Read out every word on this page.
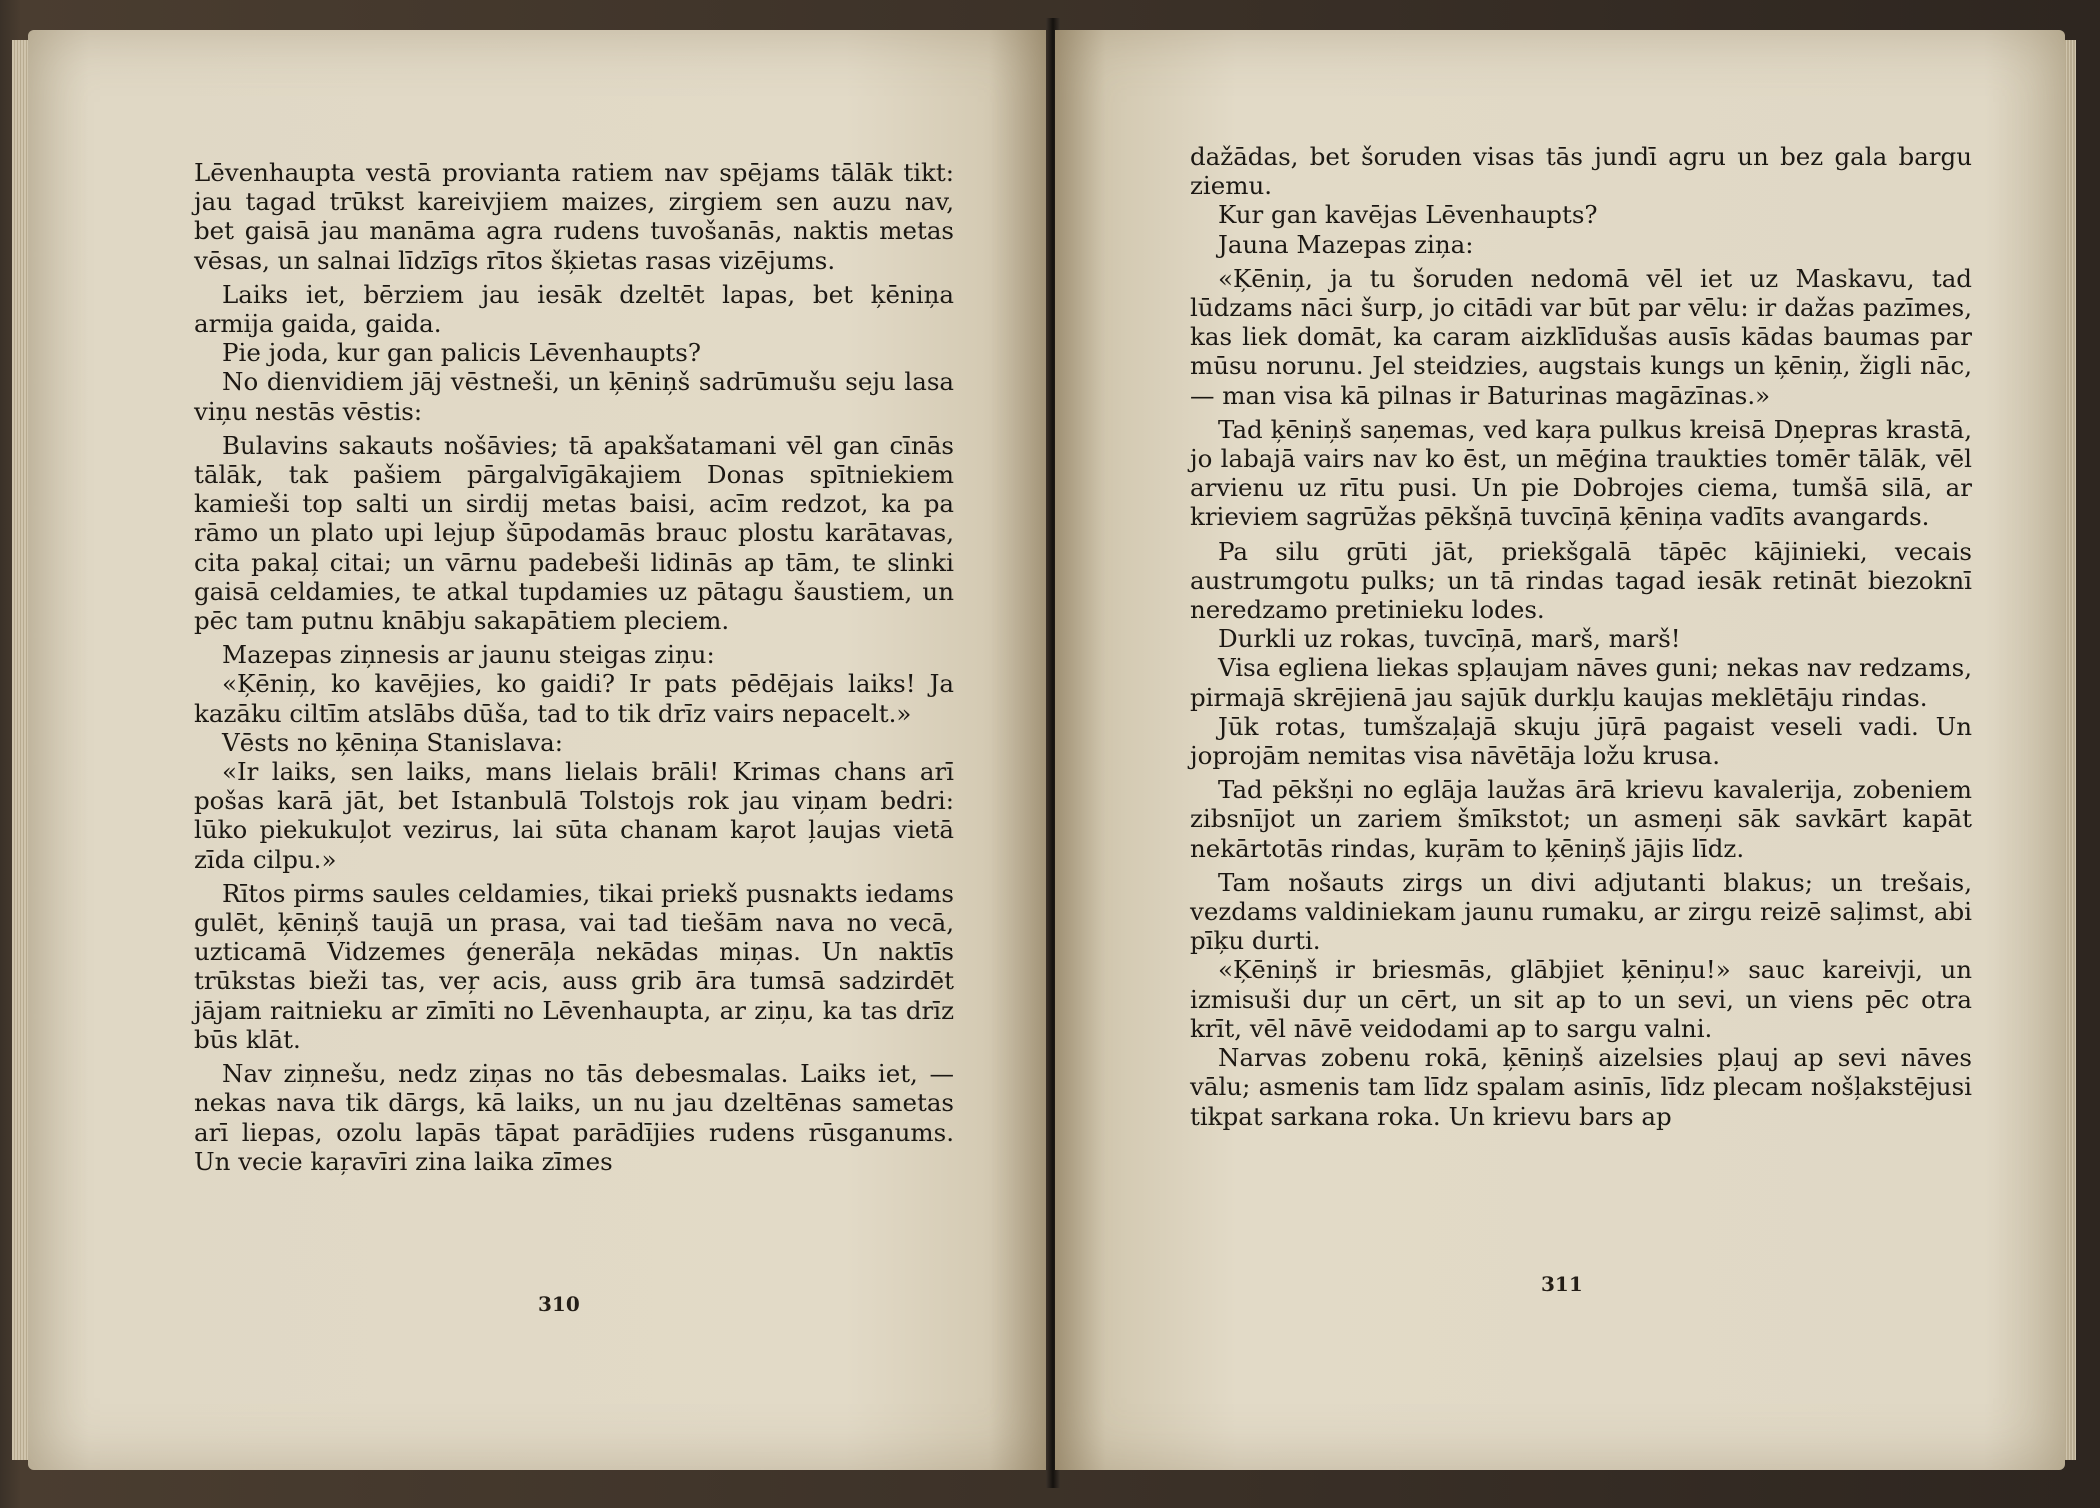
Lēvenhaupta vestā provianta ratiem nav spējams tālāk tikt: jau tagad trūkst kareivjiem maizes, zirgiem sen auzu nav, bet gaisā jau manāma agra rudens tuvošanās, naktis metas vēsas, un salnai līdzīgs rītos šķietas rasas vizējums.

Laiks iet, bērziem jau iesāk dzeltēt lapas, bet ķēniņa armija gaida, gaida.

Pie joda, kur gan palicis Lēvenhaupts?

No dienvidiem jāj vēstneši, un ķēniņš sadrūmušu seju lasa viņu nestās vēstis:

Bulavins sakauts nošāvies; tā apakšatamani vēl gan cīnās tālāk, tak pašiem pārgalvīgākajiem Donas spītniekiem kamieši top salti un sirdij metas baisi, acīm redzot, ka pa rāmo un plato upi lejup šūpodamās brauc plostu karātavas, cita pakaļ citai; un vārnu padebeši lidinās ap tām, te slinki gaisā celdamies, te atkal tupdamies uz pātagu šaustiem, un pēc tam putnu knābju sakapātiem pleciem.

Mazepas ziņnesis ar jaunu steigas ziņu:

«Ķēniņ, ko kavējies, ko gaidi? Ir pats pēdējais laiks! Ja kazāku ciltīm atslābs dūša, tad to tik drīz vairs nepacelt.»

Vēsts no ķēniņa Stanislava:

«Ir laiks, sen laiks, mans lielais brāli! Krimas chans arī pošas karā jāt, bet Istanbulā Tolstojs rok jau viņam bedri: lūko piekukuļot vezirus, lai sūta chanam kaŗot ļaujas vietā zīda cilpu.»

Rītos pirms saules celdamies, tikai priekš pusnakts iedams gulēt, ķēniņš taujā un prasa, vai tad tiešām nava no vecā, uzticamā Vidzemes ģenerāļa nekādas miņas. Un naktīs trūkstas bieži tas, veŗ acis, auss grib āra tumsā sadzirdēt jājam raitnieku ar zīmīti no Lēvenhaupta, ar ziņu, ka tas drīz būs klāt.

Nav ziņnešu, nedz ziņas no tās debesmalas. Laiks iet, — nekas nava tik dārgs, kā laiks, un nu jau dzeltēnas sametas arī liepas, ozolu lapās tāpat parādījies rudens rūsganums. Un vecie kaŗavīri zina laika zīmes

310

dažādas, bet šoruden visas tās jundī agru un bez gala bargu ziemu.

Kur gan kavējas Lēvenhaupts?

Jauna Mazepas ziņa:

«Ķēniņ, ja tu šoruden nedomā vēl iet uz Maskavu, tad lūdzams nāci šurp, jo citādi var būt par vēlu: ir dažas pazīmes, kas liek domāt, ka caram aizklīdušas ausīs kādas baumas par mūsu norunu. Jel steidzies, augstais kungs un ķēniņ, žigli nāc, — man visa kā pilnas ir Baturinas magāzīnas.»

Tad ķēniņš saņemas, ved kaŗa pulkus kreisā Dņepras krastā, jo labajā vairs nav ko ēst, un mēģina traukties tomēr tālāk, vēl arvienu uz rītu pusi. Un pie Dobrojes ciema, tumšā silā, ar krieviem sagrūžas pēkšņā tuvcīņā ķēniņa vadīts avangards.

Pa silu grūti jāt, priekšgalā tāpēc kājinieki, vecais austrumgotu pulks; un tā rindas tagad iesāk retināt biezoknī neredzamo pretinieku lodes.

Durkli uz rokas, tuvcīņā, marš, marš!

Visa egliena liekas spļaujam nāves guni; nekas nav redzams, pirmajā skrējienā jau sajūk durkļu kaujas meklētāju rindas.

Jūk rotas, tumšzaļajā skuju jūŗā pagaist veseli vadi. Un joprojām nemitas visa nāvētāja ložu krusa.

Tad pēkšņi no eglāja laužas ārā krievu kavalerija, zobeniem zibsnījot un zariem šmīkstot; un asmeņi sāk savkārt kapāt nekārtotās rindas, kuŗām to ķēniņš jājis līdz.

Tam nošauts zirgs un divi adjutanti blakus; un trešais, vezdams valdiniekam jaunu rumaku, ar zirgu reizē saļimst, abi pīķu durti.

«Ķēniņš ir briesmās, glābjiet ķēniņu!» sauc kareivji, un izmisuši duŗ un cērt, un sit ap to un sevi, un viens pēc otra krīt, vēl nāvē veidodami ap to sargu valni.

Narvas zobenu rokā, ķēniņš aizelsies pļauj ap sevi nāves vālu; asmenis tam līdz spalam asinīs, līdz plecam nošļakstējusi tikpat sarkana roka. Un krievu bars ap

311
